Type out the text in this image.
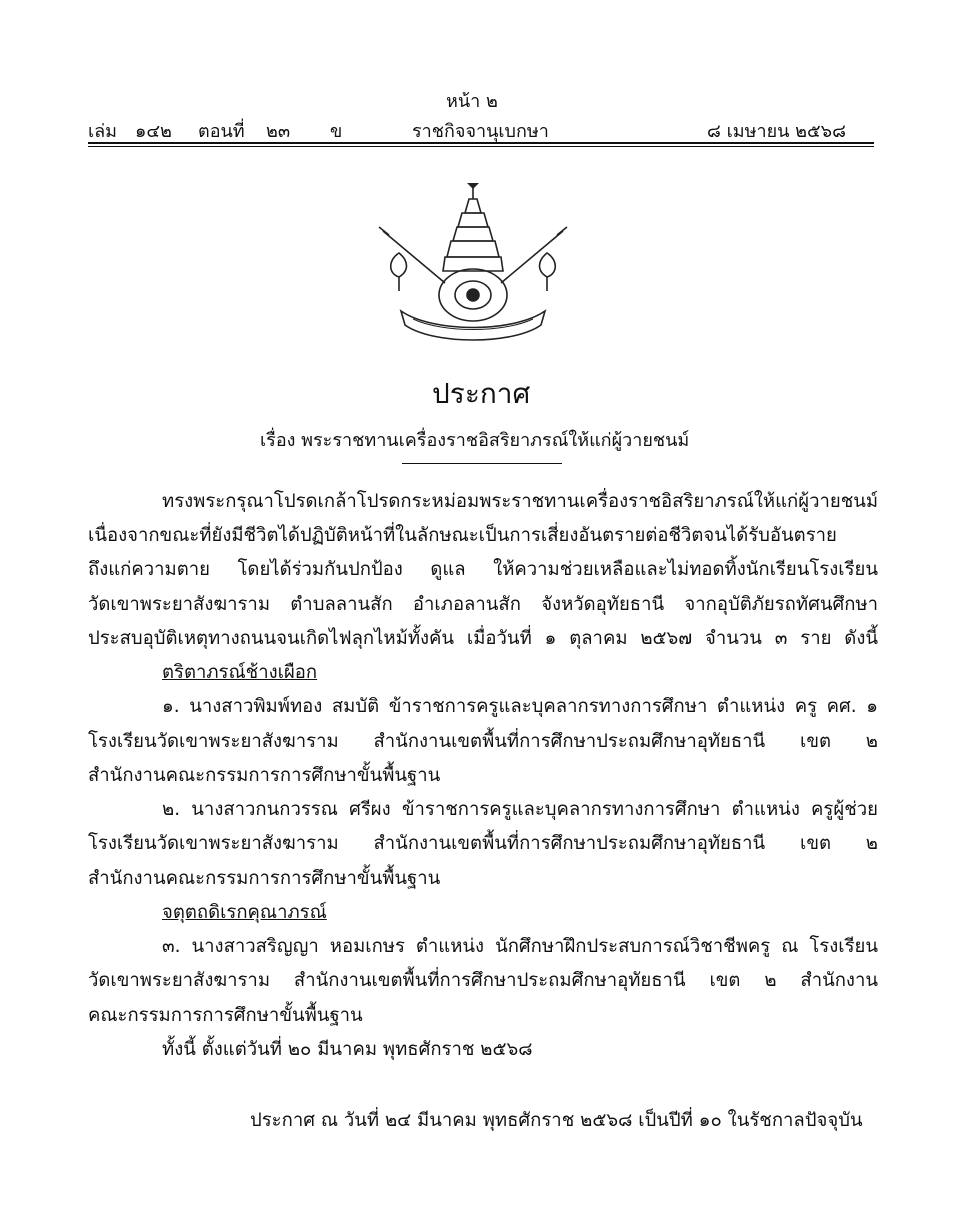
หน้า ๒
เล่ม ๑๔๒ ตอนที่ ๒๓ ข	ราชกิจจานุเบกษา	๘ เมษายน ๒๕๖๘
ประกาศ
เรื่อง พระราชทานเครื่องราชอิสริยาภรณ์ให้แก่ผู้วายชนม์
ทรงพระกรุณาโปรดเกล้าโปรดกระหม่อมพระราชทานเครื่องราชอิสริยาภรณ์ให้แก่ผู้วายชนม์
เนื่องจากขณะที่ยังมีชีวิตได้ปฏิบัติหน้าที่ในลักษณะเป็นการเสี่ยงอันตรายต่อชีวิตจนได้รับอันตราย
ถึงแก่ความตาย โดยได้ร่วมกันปกป้อง ดูแล ให้ความช่วยเหลือและไม่ทอดทิ้งนักเรียนโรงเรียน
วัดเขาพระยาสังฆาราม ตำบลลานสัก อำเภอลานสัก จังหวัดอุทัยธานี จากอุบัติภัยรถทัศนศึกษา
ประสบอุบัติเหตุทางถนนจนเกิดไฟลุกไหม้ทั้งคัน เมื่อวันที่ ๑ ตุลาคม ๒๕๖๗ จำนวน ๓ ราย ดังนี้
ตริตาภรณ์ช้างเผือก
๑. นางสาวพิมพ์ทอง สมบัติ ข้าราชการครูและบุคลากรทางการศึกษา ตำแหน่ง ครู คศ. ๑
โรงเรียนวัดเขาพระยาสังฆาราม สำนักงานเขตพื้นที่การศึกษาประถมศึกษาอุทัยธานี เขต ๒
สำนักงานคณะกรรมการการศึกษาขั้นพื้นฐาน
๒. นางสาวกนกวรรณ ศรีผง ข้าราชการครูและบุคลากรทางการศึกษา ตำแหน่ง ครูผู้ช่วย
โรงเรียนวัดเขาพระยาสังฆาราม สำนักงานเขตพื้นที่การศึกษาประถมศึกษาอุทัยธานี เขต ๒
สำนักงานคณะกรรมการการศึกษาขั้นพื้นฐาน
จตุตถดิเรกคุณาภรณ์
๓. นางสาวสริญญา หอมเกษร ตำแหน่ง นักศึกษาฝึกประสบการณ์วิชาชีพครู ณ โรงเรียน
วัดเขาพระยาสังฆาราม สำนักงานเขตพื้นที่การศึกษาประถมศึกษาอุทัยธานี เขต ๒ สำนักงาน
คณะกรรมการการศึกษาขั้นพื้นฐาน
ทั้งนี้ ตั้งแต่วันที่ ๒๐ มีนาคม พุทธศักราช ๒๕๖๘
ประกาศ ณ วันที่ ๒๔ มีนาคม พุทธศักราช ๒๕๖๘ เป็นปีที่ ๑๐ ในรัชกาลปัจจุบัน
